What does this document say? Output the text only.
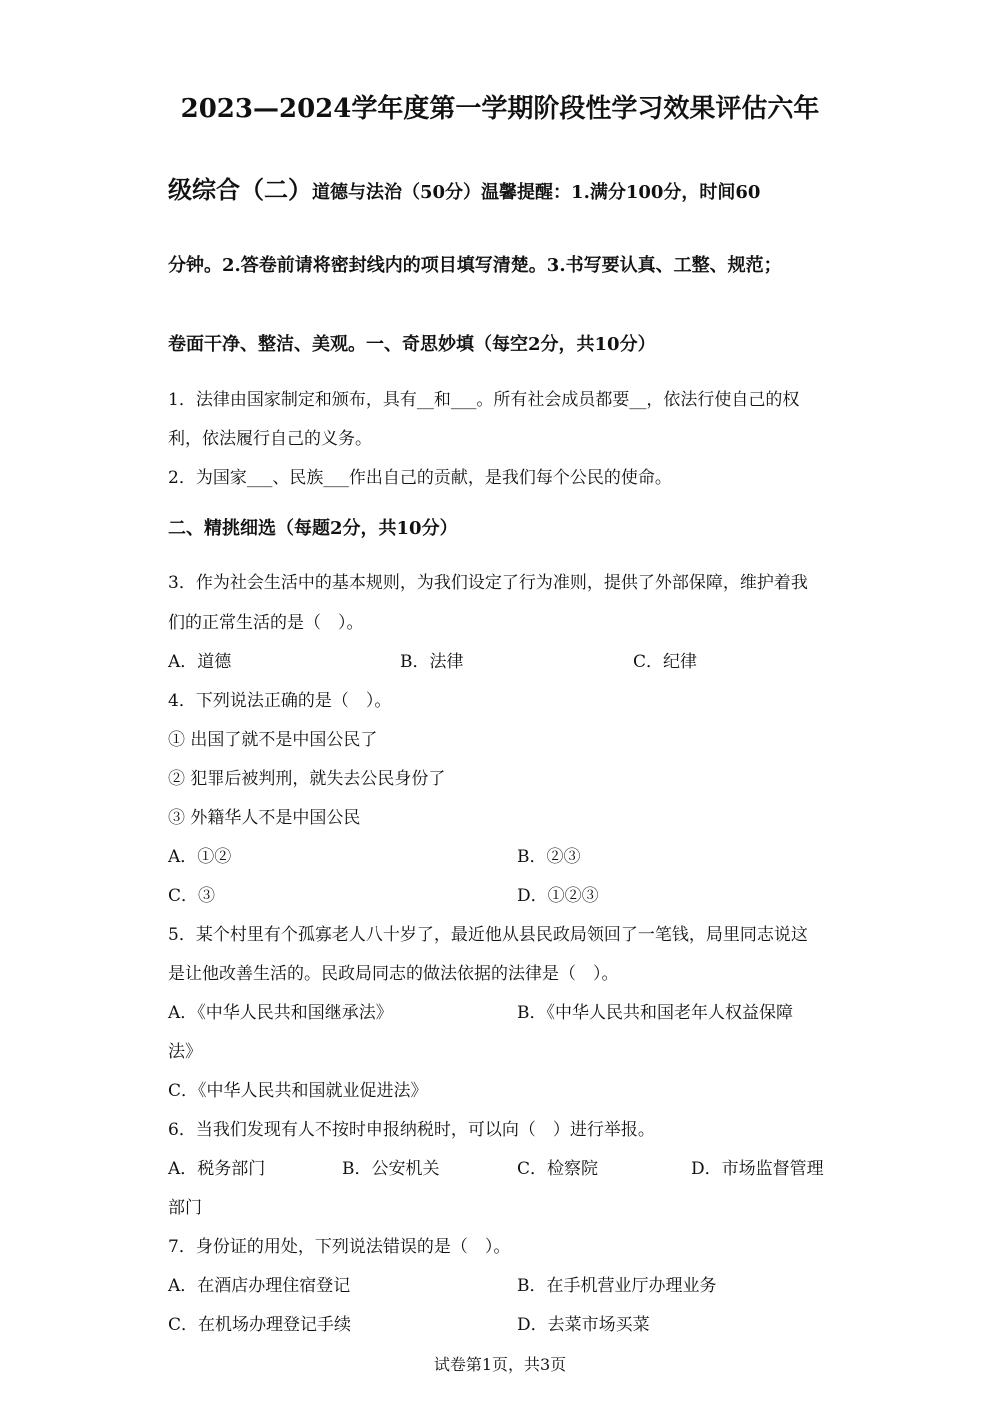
2023—2024学年度第一学期阶段性学习效果评估六年
级综合（二）道德与法治（50分）温馨提醒：1.满分100分，时间60
分钟。2.答卷前请将密封线内的项目填写清楚。3.书写要认真、工整、规范；
卷面干净、整洁、美观。一、奇思妙填（每空2分，共10分）
1．法律由国家制定和颁布，具有__和___。所有社会成员都要__，依法行使自己的权
利，依法履行自己的义务。
2．为国家___、民族___作出自己的贡献，是我们每个公民的使命。
二、精挑细选（每题2分，共10分）
3．作为社会生活中的基本规则，为我们设定了行为准则，提供了外部保障，维护着我
们的正常生活的是（　）。
A．道德	B．法律	C．纪律
4．下列说法正确的是（　）。
① 出国了就不是中国公民了
② 犯罪后被判刑，就失去公民身份了
③ 外籍华人不是中国公民
A．①②	B．②③
C．③	D．①②③
5．某个村里有个孤寡老人八十岁了，最近他从县民政局领回了一笔钱，局里同志说这
是让他改善生活的。民政局同志的做法依据的法律是（　）。
A．《中华人民共和国继承法》	B．《中华人民共和国老年人权益保障
法》
C．《中华人民共和国就业促进法》
6．当我们发现有人不按时申报纳税时，可以向（　）进行举报。
A．税务部门	B．公安机关	C．检察院	D．市场监督管理
部门
7．身份证的用处，下列说法错误的是（　）。
A．在酒店办理住宿登记	B．在手机营业厅办理业务
C．在机场办理登记手续	D．去菜市场买菜
试卷第1页，共3页
